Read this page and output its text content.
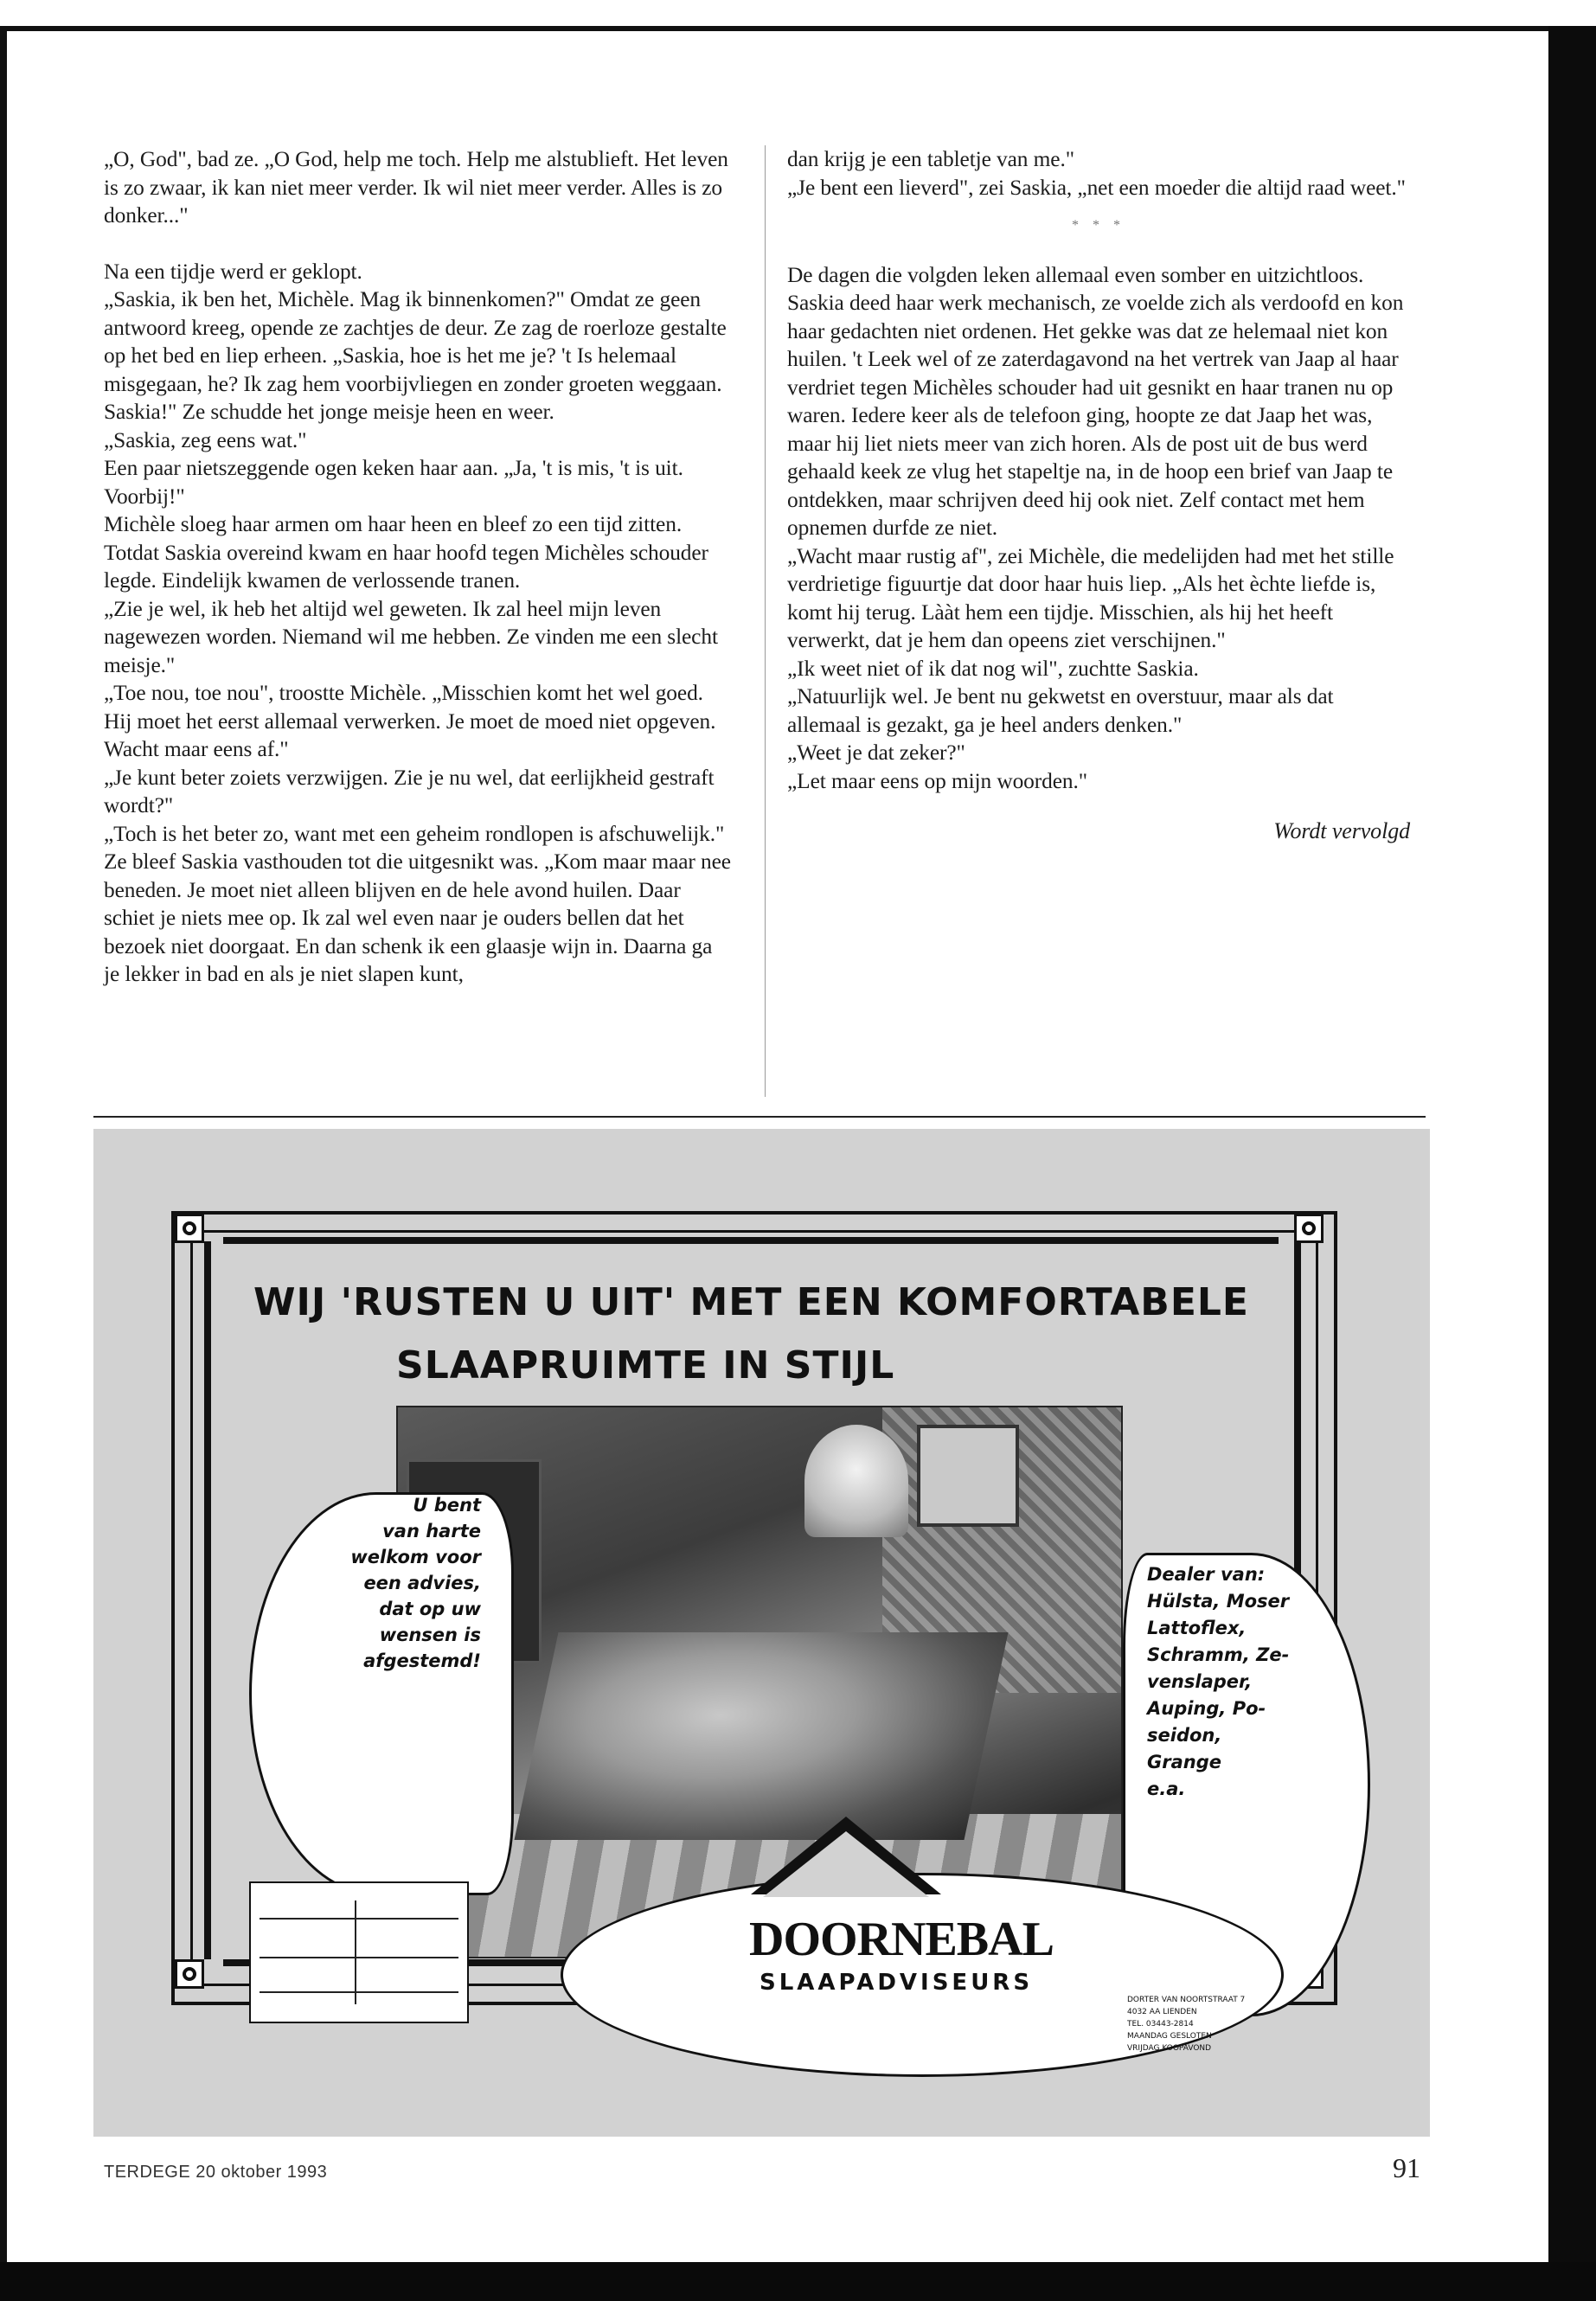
„O, God", bad ze. „O God, help me toch. Help me alstublieft. Het leven is zo zwaar, ik kan niet meer verder. Ik wil niet meer verder. Alles is zo donker..."

Na een tijdje werd er geklopt.

„Saskia, ik ben het, Michèle. Mag ik binnenkomen?" Omdat ze geen antwoord kreeg, opende ze zachtjes de deur. Ze zag de roerloze gestalte op het bed en liep erheen. „Saskia, hoe is het me je? 't Is helemaal misgegaan, he? Ik zag hem voorbijvliegen en zonder groeten weggaan. Saskia!" Ze schudde het jonge meisje heen en weer.

„Saskia, zeg eens wat."

Een paar nietszeggende ogen keken haar aan. „Ja, 't is mis, 't is uit. Voorbij!"

Michèle sloeg haar armen om haar heen en bleef zo een tijd zitten. Totdat Saskia overeind kwam en haar hoofd tegen Michèles schouder legde. Eindelijk kwamen de verlossende tranen.

„Zie je wel, ik heb het altijd wel geweten. Ik zal heel mijn leven nagewezen worden. Niemand wil me hebben. Ze vinden me een slecht meisje."

„Toe nou, toe nou", troostte Michèle. „Misschien komt het wel goed. Hij moet het eerst allemaal verwerken. Je moet de moed niet opgeven. Wacht maar eens af."

„Je kunt beter zoiets verzwijgen. Zie je nu wel, dat eerlijkheid gestraft wordt?"

„Toch is het beter zo, want met een geheim rondlopen is afschuwelijk." Ze bleef Saskia vasthouden tot die uitgesnikt was. „Kom maar maar nee beneden. Je moet niet alleen blijven en de hele avond huilen. Daar schiet je niets mee op. Ik zal wel even naar je ouders bellen dat het bezoek niet doorgaat. En dan schenk ik een glaasje wijn in. Daarna ga je lekker in bad en als je niet slapen kunt,

dan krijg je een tabletje van me."

„Je bent een lieverd", zei Saskia, „net een moeder die altijd raad weet."

* * *

De dagen die volgden leken allemaal even somber en uitzichtloos. Saskia deed haar werk mechanisch, ze voelde zich als verdoofd en kon haar gedachten niet ordenen. Het gekke was dat ze helemaal niet kon huilen. 't Leek wel of ze zaterdagavond na het vertrek van Jaap al haar verdriet tegen Michèles schouder had uit gesnikt en haar tranen nu op waren. Iedere keer als de telefoon ging, hoopte ze dat Jaap het was, maar hij liet niets meer van zich horen. Als de post uit de bus werd gehaald keek ze vlug het stapeltje na, in de hoop een brief van Jaap te ontdekken, maar schrijven deed hij ook niet. Zelf contact met hem opnemen durfde ze niet.

„Wacht maar rustig af", zei Michèle, die medelijden had met het stille verdrietige figuurtje dat door haar huis liep. „Als het èchte liefde is, komt hij terug. Lààt hem een tijdje. Misschien, als hij het heeft verwerkt, dat je hem dan opeens ziet verschijnen."

„Ik weet niet of ik dat nog wil", zuchtte Saskia.

„Natuurlijk wel. Je bent nu gekwetst en overstuur, maar als dat allemaal is gezakt, ga je heel anders denken."

„Weet je dat zeker?"

„Let maar eens op mijn woorden."

Wordt vervolgd

WIJ 'RUSTEN U UIT' MET EEN KOMFORTABELE
SLAAPRUIMTE IN STIJL
U bent
van harte
welkom voor
een advies,
dat op uw
wensen is
afgestemd!
Dealer van:
Hülsta, Moser
Lattoflex,
Schramm, Ze-
venslaper,
Auping, Po-
seidon,
Grange
e.a.
DOORNEBAL
SLAAPADVISEURS
DORTER VAN NOORTSTRAAT 7
4032 AA LIENDEN
TEL. 03443-2814
MAANDAG GESLOTEN
VRIJDAG KOOPAVOND
TERDEGE 20 oktober 1993	91
